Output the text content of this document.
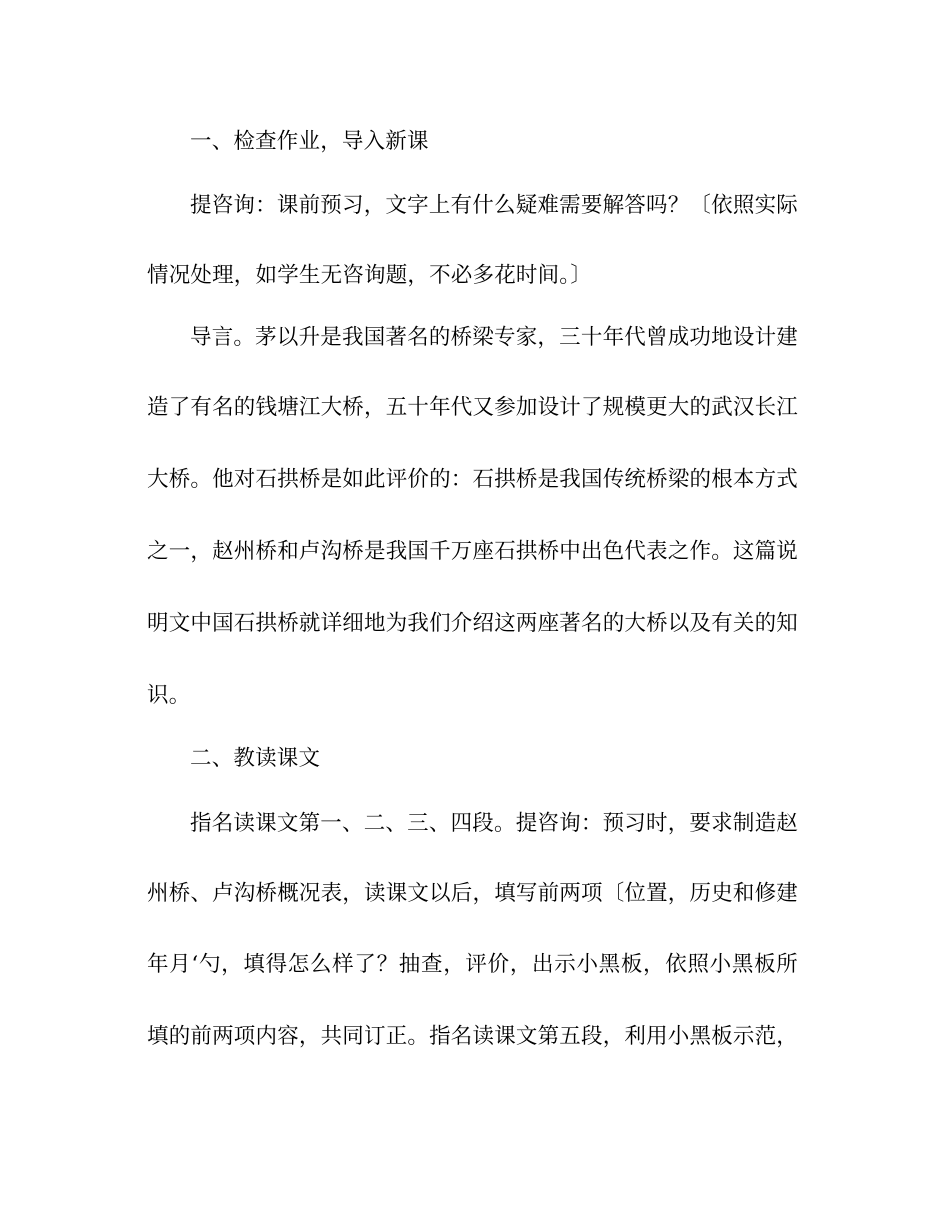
一、检查作业，导入新课
提咨询：课前预习，文字上有什么疑难需要解答吗？〔依照实际
情况处理，如学生无咨询题，不必多花时间。〕
导言。茅以升是我国著名的桥梁专家，三十年代曾成功地设计建
造了有名的钱塘江大桥，五十年代又参加设计了规模更大的武汉长江
大桥。他对石拱桥是如此评价的：石拱桥是我国传统桥梁的根本方式
之一，赵州桥和卢沟桥是我国千万座石拱桥中出色代表之作。这篇说
明文中国石拱桥就详细地为我们介绍这两座著名的大桥以及有关的知
识。
二、教读课文
指名读课文第一、二、三、四段。提咨询：预习时，要求制造赵
州桥、卢沟桥概况表，读课文以后，填写前两项〔位置，历史和修建
年月‘勺，填得怎么样了？抽查，评价，出示小黑板，依照小黑板所
填的前两项内容，共同订正。指名读课文第五段，利用小黑板示范，
